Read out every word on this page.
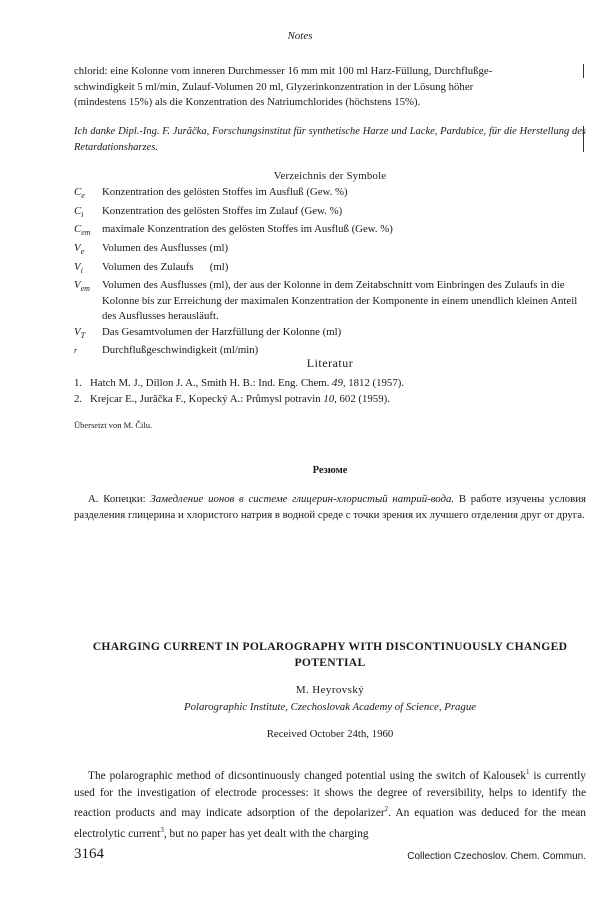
Notes
chlorid: eine Kolonne vom inneren Durchmesser 16 mm mit 100 ml Harz-Füllung, Durchflußge-
schwindigkeit 5 ml/min, Zulauf-Volumen 20 ml, Glyzerinkonzentration in der Lösung höher
(mindestens 15%) als die Konzentration des Natriumchlorides (höchstens 15%).
Ich danke Dipl.-Ing. F. Jurăčka, Forschungsinstitut für synthetische Harze und Lacke, Pardubice, für die Herstellung des Retardationsharzes.
Verzeichnis der Symbole
$C_e$	Konzentration des gelösten Stoffes im Ausfluß (Gew. %)
$C_i$	Konzentration des gelösten Stoffes im Zulauf (Gew. %)
$C_{em}$	maximale Konzentration des gelösten Stoffes im Ausfluß (Gew. %)
$V_e$	Volumen des Ausflusses (ml)
$V_i$	Volumen des Zulaufs      (ml)
$V_{em}$	Volumen des Ausflusses (ml), der aus der Kolonne in dem Zeitabschnitt vom Einbringen des Zulaufs in die Kolonne bis zur Erreichung der maximalen Konzentration der Komponente in einem unendlich kleinen Anteil des Ausflusses herausläuft.
$V_T$	Das Gesamtvolumen der Harzfüllung der Kolonne (ml)
r	Durchflußgeschwindigkeit (ml/min)
Literatur
1. Hatch M. J., Dillon J. A., Smith H. B.: Ind. Eng. Chem. 49, 1812 (1957).
2. Krejcar E., Jurăčka F., Kopecký A.: Průmysl potravin 10, 602 (1959).
Übersetzt von M. Čilu.
Резюме
А. Копецки: Замедление ионов в системе глицерин-хлористый натрий-вода. В работе изучены условия разделения глицерина и хлористого натрия в водной среде с точки зрения их лучшего отделения друг от друга.
CHARGING CURRENT IN POLAROGRAPHY WITH DISCONTINUOUSLY CHANGED
POTENTIAL
M. Heyrovský
Polarographic Institute, Czechoslovak Academy of Science, Prague
Received October 24th, 1960
The polarographic method of dicsontinuously changed potential using the switch of Kalousek$^1$ is currently used for the investigation of electrode processes: it shows the degree of reversibility, helps to identify the reaction products and may indicate adsorption of the depolarizer$^2$. An equation was deduced for the mean electrolytic current$^3$, but no paper has yet dealt with the charging
3164	Collection Czechoslov. Chem. Commun.
